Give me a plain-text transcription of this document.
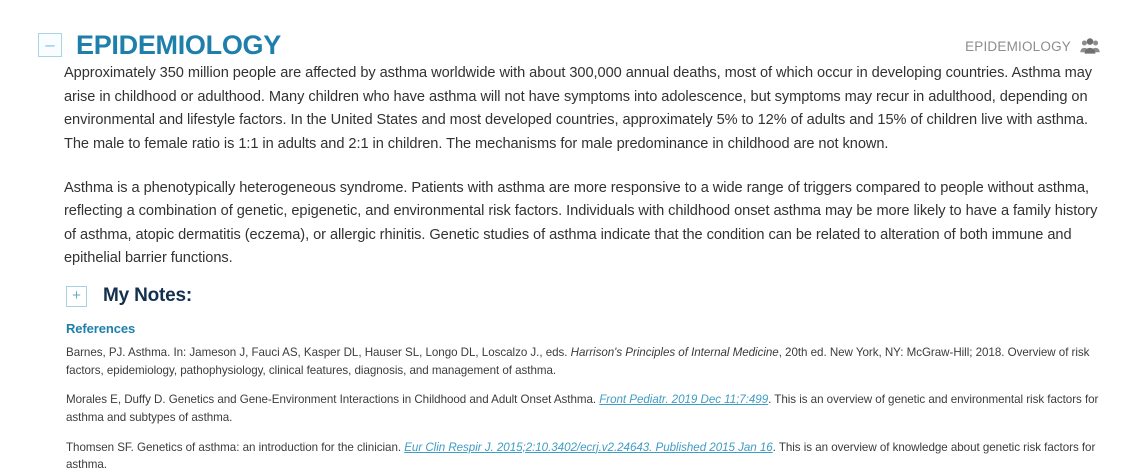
– EPIDEMIOLOGY	EPIDEMIOLOGY

Approximately 350 million people are affected by asthma worldwide with about 300,000 annual deaths, most of which occur in developing countries. Asthma may arise in childhood or adulthood. Many children who have asthma will not have symptoms into adolescence, but symptoms may recur in adulthood, depending on environmental and lifestyle factors. In the United States and most developed countries, approximately 5% to 12% of adults and 15% of children live with asthma. The male to female ratio is 1:1 in adults and 2:1 in children. The mechanisms for male predominance in childhood are not known.

Asthma is a phenotypically heterogeneous syndrome. Patients with asthma are more responsive to a wide range of triggers compared to people without asthma, reflecting a combination of genetic, epigenetic, and environmental risk factors. Individuals with childhood onset asthma may be more likely to have a family history of asthma, atopic dermatitis (eczema), or allergic rhinitis. Genetic studies of asthma indicate that the condition can be related to alteration of both immune and epithelial barrier functions.

+ My Notes:
References
Barnes, PJ. Asthma. In: Jameson J, Fauci AS, Kasper DL, Hauser SL, Longo DL, Loscalzo J., eds. Harrison's Principles of Internal Medicine, 20th ed. New York, NY: McGraw-Hill; 2018. Overview of risk factors, epidemiology, pathophysiology, clinical features, diagnosis, and management of asthma.
Morales E, Duffy D. Genetics and Gene-Environment Interactions in Childhood and Adult Onset Asthma. Front Pediatr. 2019 Dec 11;7:499. This is an overview of genetic and environmental risk factors for asthma and subtypes of asthma.
Thomsen SF. Genetics of asthma: an introduction for the clinician. Eur Clin Respir J. 2015;2:10.3402/ecrj.v2.24643. Published 2015 Jan 16. This is an overview of knowledge about genetic risk factors for asthma.
